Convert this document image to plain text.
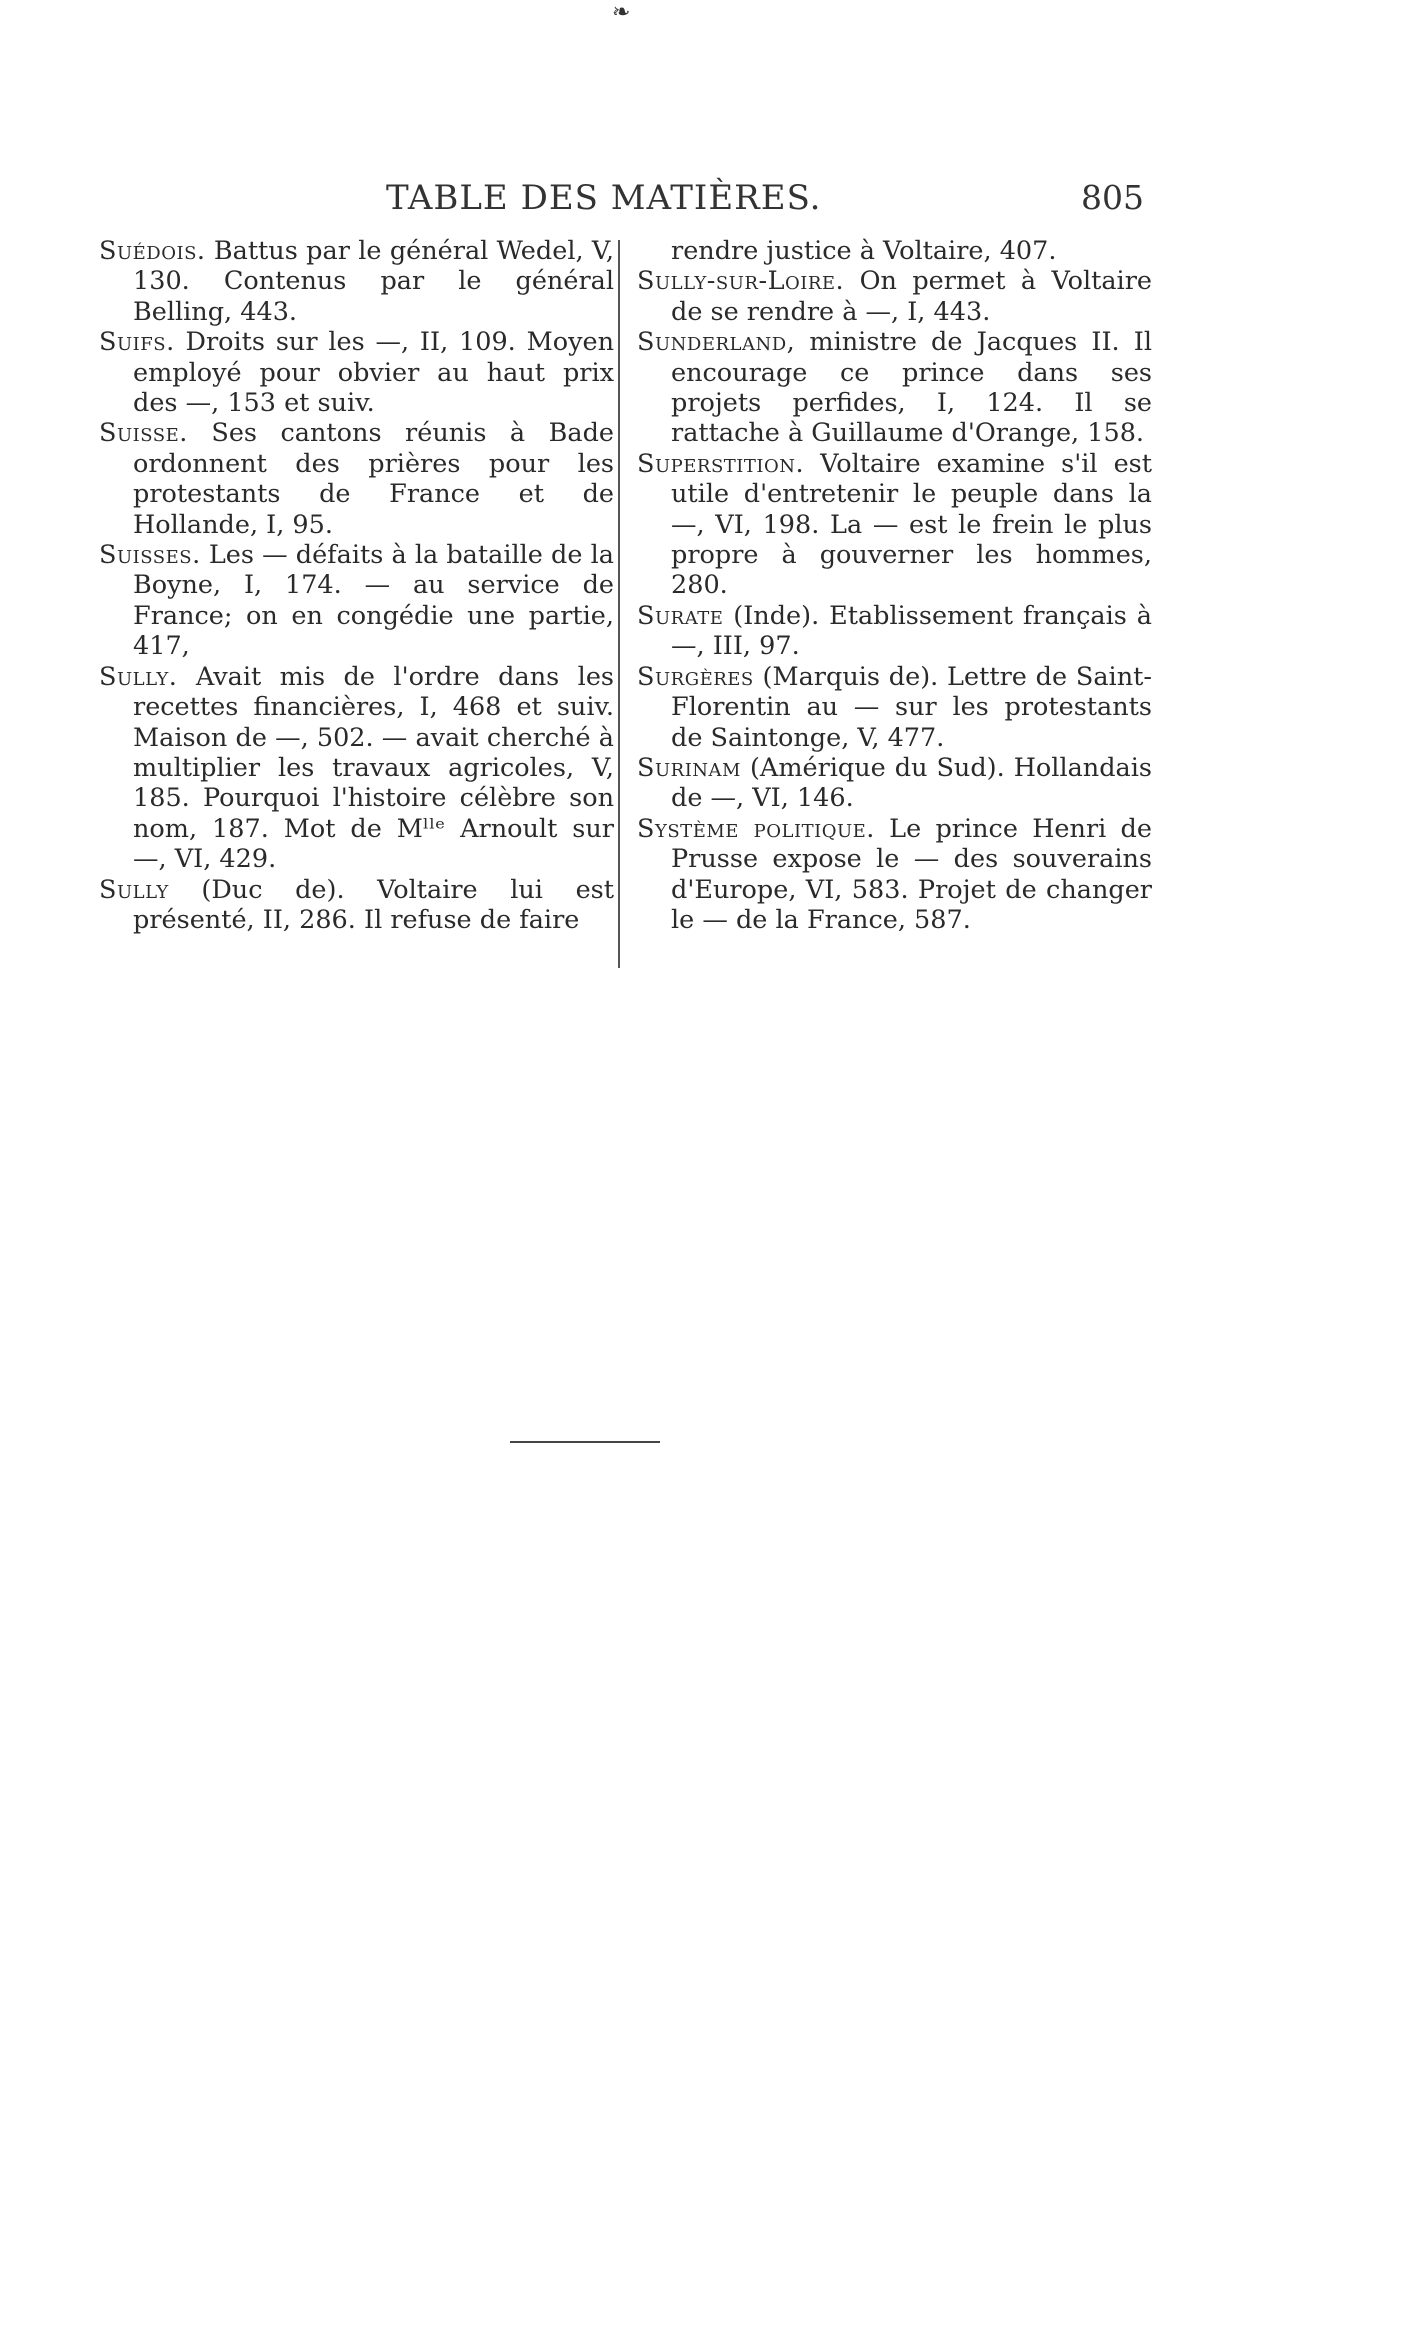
❧
TABLE DES MATIÈRES.	805

Suédois. Battus par le général Wedel, V, 130. Contenus par le général Belling, 443.

Suifs. Droits sur les —, II, 109. Moyen employé pour obvier au haut prix des —, 153 et suiv.

Suisse. Ses cantons réunis à Bade ordonnent des prières pour les protestants de France et de Hollande, I, 95.

Suisses. Les — défaits à la bataille de la Boyne, I, 174. — au service de France; on en congédie une partie, 417,

Sully. Avait mis de l'ordre dans les recettes financières, I, 468 et suiv. Maison de —, 502. — avait cherché à multiplier les travaux agricoles, V, 185. Pourquoi l'histoire célèbre son nom, 187. Mot de Mˡˡᵉ Arnoult sur —, VI, 429.

Sully (Duc de). Voltaire lui est présenté, II, 286. Il refuse de faire

rendre justice à Voltaire, 407.

Sully-sur-Loire. On permet à Voltaire de se rendre à —, I, 443.

Sunderland, ministre de Jacques II. Il encourage ce prince dans ses projets perfides, I, 124. Il se rattache à Guillaume d'Orange, 158.

Superstition. Voltaire examine s'il est utile d'entretenir le peuple dans la —, VI, 198. La — est le frein le plus propre à gouverner les hommes, 280.

Surate (Inde). Etablissement français à —, III, 97.

Surgères (Marquis de). Lettre de Saint-Florentin au — sur les protestants de Saintonge, V, 477.

Surinam (Amérique du Sud). Hollandais de —, VI, 146.

Système politique. Le prince Henri de Prusse expose le — des souverains d'Europe, VI, 583. Projet de changer le — de la France, 587.
